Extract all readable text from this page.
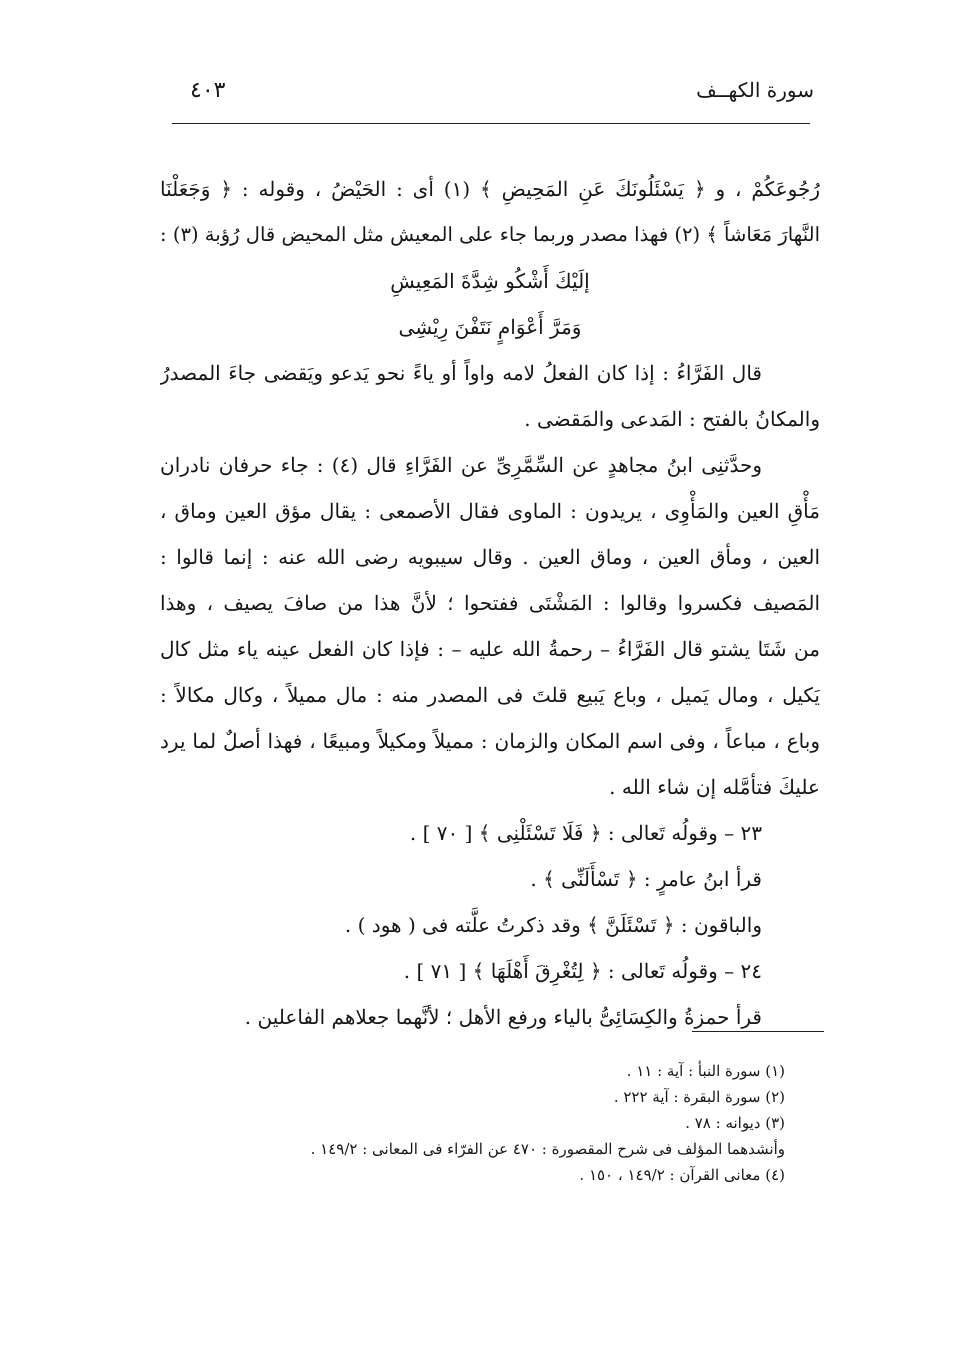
سورة الكهــف
٤٠٣
رُجُوعَكُمْ ، و ﴿ يَسْئَلُونَكَ عَنِ المَحِيضِ ﴾ (١) أى : الحَيْضُ ، وقوله : ﴿ وَجَعَلْنَا
النَّهارَ مَعَاشاً ﴾ (٢) فهذا مصدر وربما جاء على المعيش مثل المحيض قال رُؤبة (٣) :
إلَيْكَ أَشْكُو شِدَّةَ المَعِيشِ
وَمَرَّ أَعْوَامٍ نَتَفْنَ رِيْشِى
قال الفَرَّاءُ : إذا كان الفعلُ لامه واواً أو ياءً نحو يَدعو ويَقضى جاءَ المصدرُ
والمكانُ بالفتح : المَدعى والمَقضى .
وحدَّثنِى ابنُ مجاهدٍ عن السِّمَّرِىِّ عن الفَرَّاءِ قال (٤) : جاء حرفان نادران
مَأْقِ العين والمَأْوِى ، يريدون : الماوى فقال الأصمعى : يقال مؤق العين وماق ،
العين ، ومأق العين ، وماق العين . وقال سيبويه رضى الله عنه : إنما قالوا :
المَصيف فكسروا وقالوا : المَشْتَى ففتحوا ؛ لأنَّ هذا من صافَ يصيف ، وهذا
من شَتَا يشتو قال الفَرَّاءُ – رحمةُ الله عليه – : فإذا كان الفعل عينه ياء مثل كال
يَكيل ، ومال يَميل ، وباع يَبيع قلتَ فى المصدر منه : مال مميلاً ، وكال مكالاً :
وباع ، مباعاً ، وفى اسم المكان والزمان : مميلاً ومكيلاً ومبيعًا ، فهذا أصلٌ لما يرد
عليكَ فتأمَّله إن شاء الله .
٢٣ – وقولُه تَعالى : ﴿ فَلَا تَسْئَلْنِى ﴾ [ ٧٠ ] .
قرأ ابنُ عامرٍ : ﴿ تَسْأَلَنِّى ﴾ .
والباقون : ﴿ تَسْئَلَنَّ ﴾ وقد ذكرتُ علَّته فى ( هود ) .
٢٤ – وقولُه تَعالى : ﴿ لِتُغْرِقَ أَهْلَهَا ﴾ [ ٧١ ] .
قرأ حمزةُ والكِسَائِىُّ بالياء ورفع الأهل ؛ لأنَّهما جعلاهم الفاعلين .
(١) سورة النبأ : آية : ١١ .
(٢) سورة البقرة : آية ٢٢٢ .
(٣) ديوانه : ٧٨ .
وأنشدهما المؤلف فى شرح المقصورة : ٤٧٠ عن الفرّاء فى المعانى : ١٤٩/٢ .
(٤) معانى القرآن : ١٤٩/٢ ، ١٥٠ .
